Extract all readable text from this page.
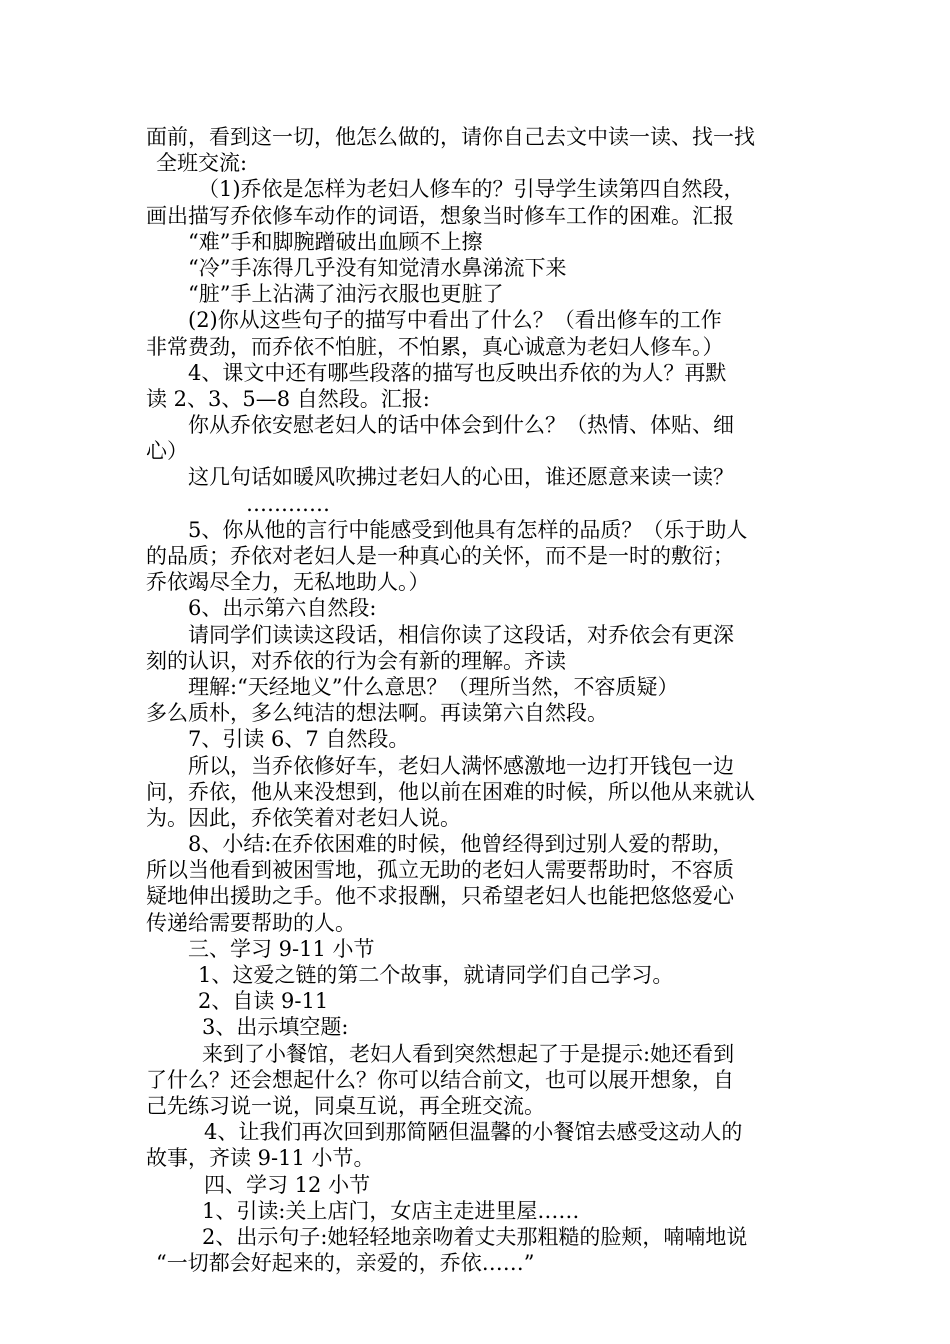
面前，看到这一切，他怎么做的，请你自己去文中读一读、找一找
全班交流:
（1)乔依是怎样为老妇人修车的？引导学生读第四自然段，
画出描写乔依修车动作的词语，想象当时修车工作的困难。汇报
“难”手和脚腕蹭破出血顾不上擦
“冷”手冻得几乎没有知觉清水鼻涕流下来
“脏”手上沾满了油污衣服也更脏了
(2)你从这些句子的描写中看出了什么？（看出修车的工作
非常费劲，而乔依不怕脏，不怕累，真心诚意为老妇人修车。）
4、课文中还有哪些段落的描写也反映出乔依的为人？再默
读 2、3、5—8 自然段。汇报:
你从乔依安慰老妇人的话中体会到什么？（热情、体贴、细
心）
这几句话如暖风吹拂过老妇人的心田，谁还愿意来读一读？
…………
5、你从他的言行中能感受到他具有怎样的品质？（乐于助人
的品质；乔依对老妇人是一种真心的关怀，而不是一时的敷衍；
乔依竭尽全力，无私地助人。）
6、出示第六自然段:
请同学们读读这段话，相信你读了这段话，对乔依会有更深
刻的认识，对乔依的行为会有新的理解。齐读
理解:“天经地义”什么意思？（理所当然，不容质疑）
多么质朴，多么纯洁的想法啊。再读第六自然段。
7、引读 6、7 自然段。
所以，当乔依修好车，老妇人满怀感激地一边打开钱包一边
问，乔依，他从来没想到，他以前在困难的时候，所以他从来就认
为。因此，乔依笑着对老妇人说。
8、小结:在乔依困难的时候，他曾经得到过别人爱的帮助，
所以当他看到被困雪地，孤立无助的老妇人需要帮助时，不容质
疑地伸出援助之手。他不求报酬，只希望老妇人也能把悠悠爱心
传递给需要帮助的人。
三、学习 9-11 小节
1、这爱之链的第二个故事，就请同学们自己学习。
2、自读 9-11
3、出示填空题:
来到了小餐馆，老妇人看到突然想起了于是提示:她还看到
了什么？还会想起什么？你可以结合前文，也可以展开想象，自
己先练习说一说，同桌互说，再全班交流。
4、让我们再次回到那简陋但温馨的小餐馆去感受这动人的
故事，齐读 9-11 小节。
四、学习 12 小节
1、引读:关上店门，女店主走进里屋……
2、出示句子:她轻轻地亲吻着丈夫那粗糙的脸颊，喃喃地说
“一切都会好起来的，亲爱的，乔依……”
